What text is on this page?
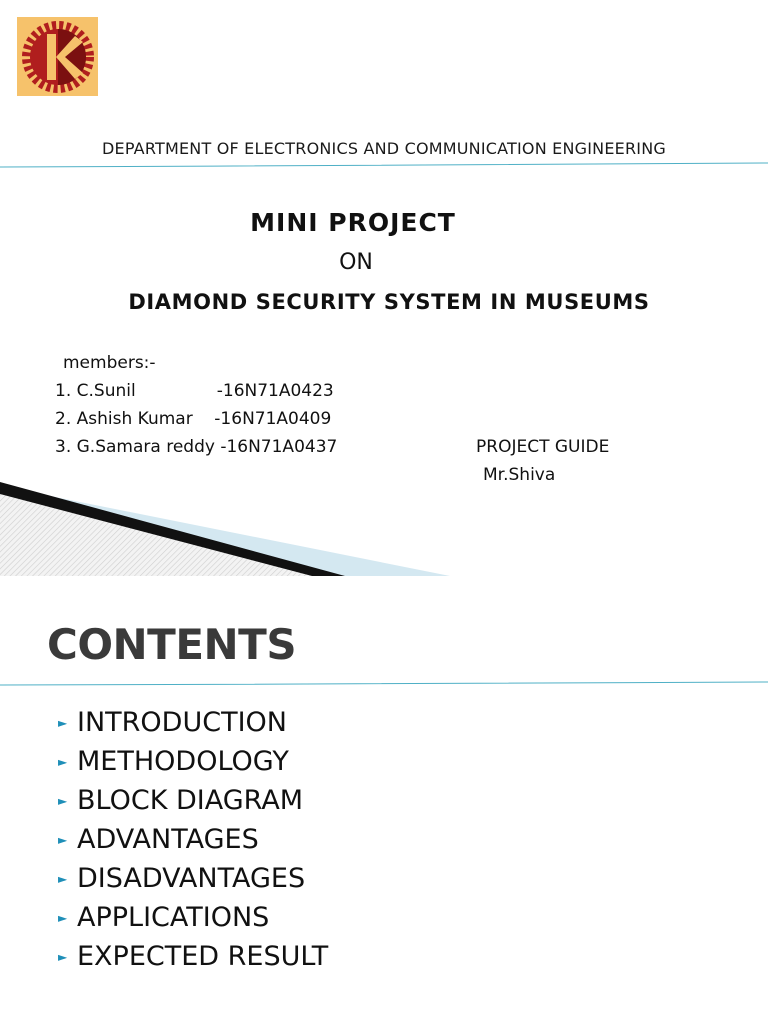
DEPARTMENT OF ELECTRONICS AND COMMUNICATION ENGINEERING
MINI PROJECT
ON
DIAMOND SECURITY SYSTEM IN MUSEUMS
members:-
1. C.Sunil               -16N71A0423
2. Ashish Kumar    -16N71A0409
3. G.Samara reddy -16N71A0437	PROJECT GUIDE
Mr.Shiva
CONTENTS
► INTRODUCTION
► METHODOLOGY
► BLOCK DIAGRAM
► ADVANTAGES
► DISADVANTAGES
► APPLICATIONS
► EXPECTED RESULT
